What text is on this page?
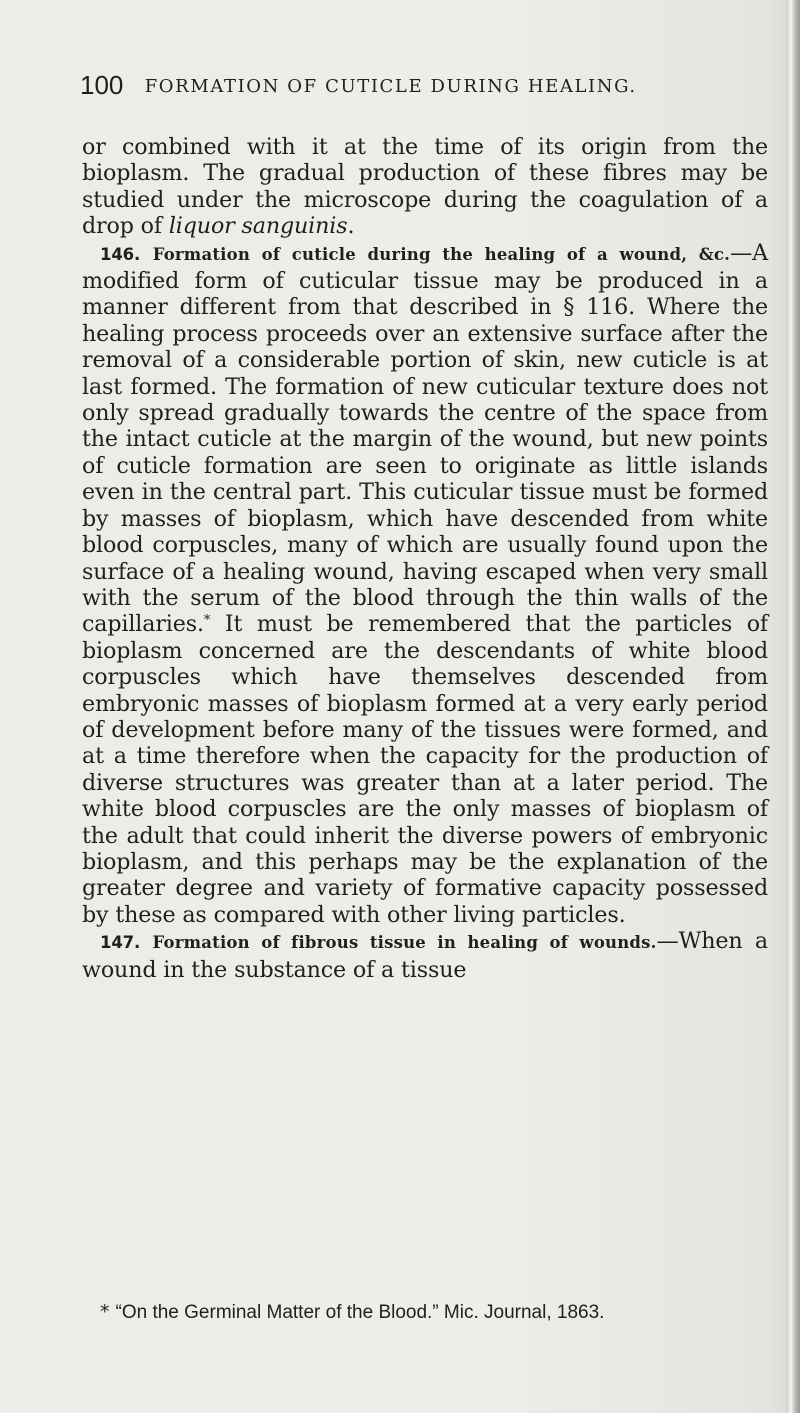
100 FORMATION OF CUTICLE DURING HEALING.

or combined with it at the time of its origin from the bioplasm. The gradual production of these fibres may be studied under the microscope during the coagulation of a drop of liquor sanguinis.

146. Formation of cuticle during the healing of a wound, &c.—A modified form of cuticular tissue may be produced in a manner different from that described in § 116. Where the healing process proceeds over an extensive surface after the removal of a considerable portion of skin, new cuticle is at last formed. The formation of new cuticular texture does not only spread gradually towards the centre of the space from the intact cuticle at the margin of the wound, but new points of cuticle formation are seen to originate as little islands even in the central part. This cuticular tissue must be formed by masses of bioplasm, which have descended from white blood corpuscles, many of which are usually found upon the surface of a healing wound, having escaped when very small with the serum of the blood through the thin walls of the capillaries.* It must be remembered that the particles of bioplasm concerned are the descendants of white blood corpuscles which have themselves descended from embryonic masses of bioplasm formed at a very early period of development before many of the tissues were formed, and at a time therefore when the capacity for the production of diverse structures was greater than at a later period. The white blood corpuscles are the only masses of bioplasm of the adult that could inherit the diverse powers of embryonic bioplasm, and this perhaps may be the explanation of the greater degree and variety of formative capacity possessed by these as compared with other living particles.

147. Formation of fibrous tissue in healing of wounds.—When a wound in the substance of a tissue

* “On the Germinal Matter of the Blood.” Mic. Journal, 1863.
